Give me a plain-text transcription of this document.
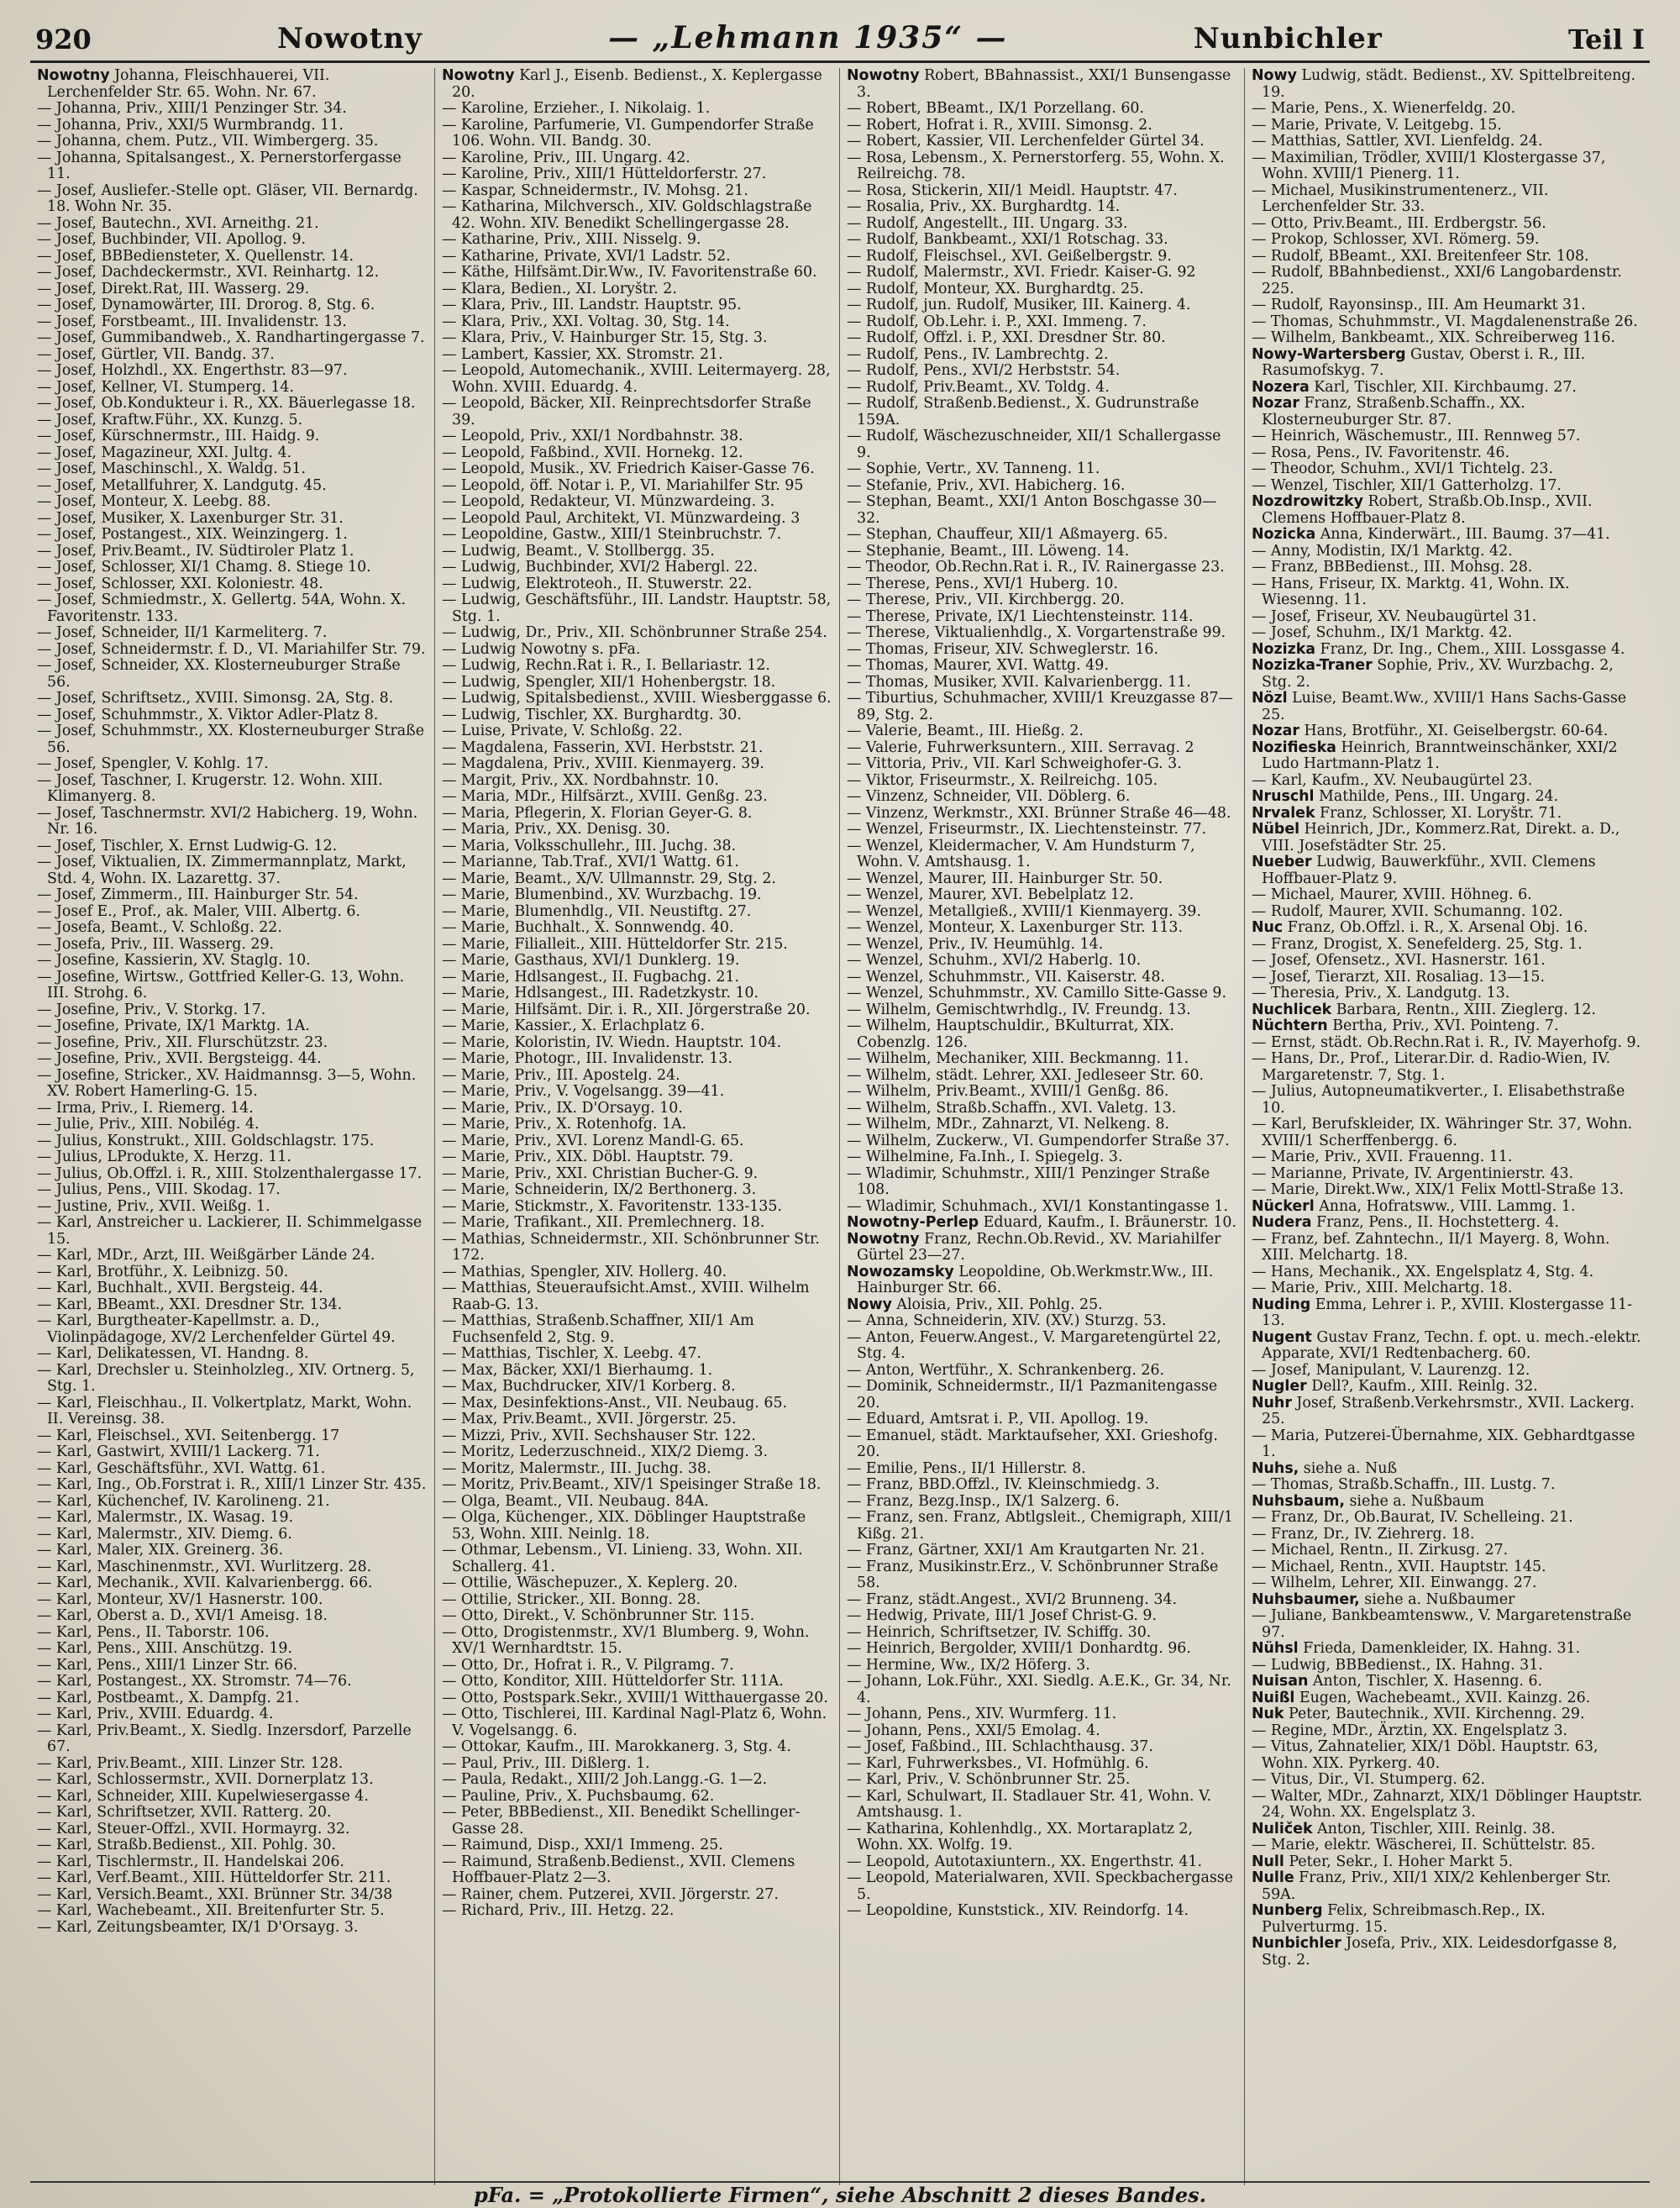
920	Nowotny	— „Lehmann 1935“ —	Nunbichler	Teil I

Nowotny Johanna, Fleischhauerei, VII. Lerchenfelder Str. 65. Wohn. Nr. 67.

— Johanna, Priv., XIII/1 Penzinger Str. 34.

— Johanna, Priv., XXI/5 Wurmbrandg. 11.

— Johanna, chem. Putz., VII. Wimbergerg. 35.

— Johanna, Spitalsangest., X. Pernerstorfergasse 11.

— Josef, Ausliefer.-Stelle opt. Gläser, VII. Bernardg. 18. Wohn Nr. 35.

— Josef, Bautechn., XVI. Arneithg. 21.

— Josef, Buchbinder, VII. Apollog. 9.

— Josef, BBBediensteter, X. Quellenstr. 14.

— Josef, Dachdeckermstr., XVI. Reinhartg. 12.

— Josef, Direkt.Rat, III. Wasserg. 29.

— Josef, Dynamowärter, III. Drorog. 8, Stg. 6.

— Josef, Forstbeamt., III. Invalidenstr. 13.

— Josef, Gummibandweb., X. Randhartingergasse 7.

— Josef, Gürtler, VII. Bandg. 37.

— Josef, Holzhdl., XX. Engerthstr. 83—97.

— Josef, Kellner, VI. Stumperg. 14.

— Josef, Ob.Kondukteur i. R., XX. Bäuerlegasse 18.

— Josef, Kraftw.Führ., XX. Kunzg. 5.

— Josef, Kürschnermstr., III. Haidg. 9.

— Josef, Magazineur, XXI. Jultg. 4.

— Josef, Maschinschl., X. Waldg. 51.

— Josef, Metallfuhrer, X. Landgutg. 45.

— Josef, Monteur, X. Leebg. 88.

— Josef, Musiker, X. Laxenburger Str. 31.

— Josef, Postangest., XIX. Weinzingerg. 1.

— Josef, Priv.Beamt., IV. Südtiroler Platz 1.

— Josef, Schlosser, XI/1 Chamg. 8. Stiege 10.

— Josef, Schlosser, XXI. Koloniestr. 48.

— Josef, Schmiedmstr., X. Gellertg. 54A, Wohn. X. Favoritenstr. 133.

— Josef, Schneider, II/1 Karmeliterg. 7.

— Josef, Schneidermstr. f. D., VI. Mariahilfer Str. 79.

— Josef, Schneider, XX. Klosterneuburger Straße 56.

— Josef, Schriftsetz., XVIII. Simonsg. 2A, Stg. 8.

— Josef, Schuhmmstr., X. Viktor Adler-Platz 8.

— Josef, Schuhmmstr., XX. Klosterneuburger Straße 56.

— Josef, Spengler, V. Kohlg. 17.

— Josef, Taschner, I. Krugerstr. 12. Wohn. XIII. Klimanyerg. 8.

— Josef, Taschnermstr. XVI/2 Habicherg. 19, Wohn. Nr. 16.

— Josef, Tischler, X. Ernst Ludwig-G. 12.

— Josef, Viktualien, IX. Zimmermannplatz, Markt, Std. 4, Wohn. IX. Lazarettg. 37.

— Josef, Zimmerm., III. Hainburger Str. 54.

— Josef E., Prof., ak. Maler, VIII. Albertg. 6.

— Josefa, Beamt., V. Schloßg. 22.

— Josefa, Priv., III. Wasserg. 29.

— Josefine, Kassierin, XV. Staglg. 10.

— Josefine, Wirtsw., Gottfried Keller-G. 13, Wohn. III. Strohg. 6.

— Josefine, Priv., V. Storkg. 17.

— Josefine, Private, IX/1 Marktg. 1A.

— Josefine, Priv., XII. Flurschützstr. 23.

— Josefine, Priv., XVII. Bergsteigg. 44.

— Josefine, Stricker., XV. Haidmannsg. 3—5, Wohn. XV. Robert Hamerling-G. 15.

— Irma, Priv., I. Riemerg. 14.

— Julie, Priv., XIII. Nobilég. 4.

— Julius, Konstrukt., XIII. Goldschlagstr. 175.

— Julius, LProdukte, X. Herzg. 11.

— Julius, Ob.Offzl. i. R., XIII. Stolzenthalergasse 17.

— Julius, Pens., VIII. Skodag. 17.

— Justine, Priv., XVII. Weißg. 1.

— Karl, Anstreicher u. Lackierer, II. Schimmelgasse 15.

— Karl, MDr., Arzt, III. Weißgärber Lände 24.

— Karl, Brotführ., X. Leibnizg. 50.

— Karl, Buchhalt., XVII. Bergsteig. 44.

— Karl, BBeamt., XXI. Dresdner Str. 134.

— Karl, Burgtheater-Kapellmstr. a. D., Violinpädagoge, XV/2 Lerchenfelder Gürtel 49.

— Karl, Delikatessen, VI. Handng. 8.

— Karl, Drechsler u. Steinholzleg., XIV. Ortnerg. 5, Stg. 1.

— Karl, Fleischhau., II. Volkertplatz, Markt, Wohn. II. Vereinsg. 38.

— Karl, Fleischsel., XVI. Seitenbergg. 17

— Karl, Gastwirt, XVIII/1 Lackerg. 71.

— Karl, Geschäftsführ., XVI. Wattg. 61.

— Karl, Ing., Ob.Forstrat i. R., XIII/1 Linzer Str. 435.

— Karl, Küchenchef, IV. Karolineng. 21.

— Karl, Malermstr., IX. Wasag. 19.

— Karl, Malermstr., XIV. Diemg. 6.

— Karl, Maler, XIX. Greinerg. 36.

— Karl, Maschinenmstr., XVI. Wurlitzerg. 28.

— Karl, Mechanik., XVII. Kalvarienbergg. 66.

— Karl, Monteur, XV/1 Hasnerstr. 100.

— Karl, Oberst a. D., XVI/1 Ameisg. 18.

— Karl, Pens., II. Taborstr. 106.

— Karl, Pens., XIII. Anschützg. 19.

— Karl, Pens., XIII/1 Linzer Str. 66.

— Karl, Postangest., XX. Stromstr. 74—76.

— Karl, Postbeamt., X. Dampfg. 21.

— Karl, Priv., XVIII. Eduardg. 4.

— Karl, Priv.Beamt., X. Siedlg. Inzersdorf, Parzelle 67.

— Karl, Priv.Beamt., XIII. Linzer Str. 128.

— Karl, Schlossermstr., XVII. Dornerplatz 13.

— Karl, Schneider, XIII. Kupelwiesergasse 4.

— Karl, Schriftsetzer, XVII. Ratterg. 20.

— Karl, Steuer-Offzl., XVII. Hormayrg. 32.

— Karl, Straßb.Bedienst., XII. Pohlg. 30.

— Karl, Tischlermstr., II. Handelskai 206.

— Karl, Verf.Beamt., XIII. Hütteldorfer Str. 211.

— Karl, Versich.Beamt., XXI. Brünner Str. 34/38

— Karl, Wachebeamt., XII. Breitenfurter Str. 5.

— Karl, Zeitungsbeamter, IX/1 D'Orsayg. 3.

Nowotny Karl J., Eisenb. Bedienst., X. Keplergasse 20.

— Karoline, Erzieher., I. Nikolaig. 1.

— Karoline, Parfumerie, VI. Gumpendorfer Straße 106. Wohn. VII. Bandg. 30.

— Karoline, Priv., III. Ungarg. 42.

— Karoline, Priv., XIII/1 Hütteldorferstr. 27.

— Kaspar, Schneidermstr., IV. Mohsg. 21.

— Katharina, Milchversch., XIV. Goldschlagstraße 42. Wohn. XIV. Benedikt Schellingergasse 28.

— Katharine, Priv., XIII. Nisselg. 9.

— Katharine, Private, XVI/1 Ladstr. 52.

— Käthe, Hilfsämt.Dir.Ww., IV. Favoritenstraße 60.

— Klara, Bedien., XI. Loryštr. 2.

— Klara, Priv., III. Landstr. Hauptstr. 95.

— Klara, Priv., XXI. Voltag. 30, Stg. 14.

— Klara, Priv., V. Hainburger Str. 15, Stg. 3.

— Lambert, Kassier, XX. Stromstr. 21.

— Leopold, Automechanik., XVIII. Leitermayerg. 28, Wohn. XVIII. Eduardg. 4.

— Leopold, Bäcker, XII. Reinprechtsdorfer Straße 39.

— Leopold, Priv., XXI/1 Nordbahnstr. 38.

— Leopold, Faßbind., XVII. Hornekg. 12.

— Leopold, Musik., XV. Friedrich Kaiser-Gasse 76.

— Leopold, öff. Notar i. P., VI. Mariahilfer Str. 95

— Leopold, Redakteur, VI. Münzwardeing. 3.

— Leopold Paul, Architekt, VI. Münzwardeing. 3

— Leopoldine, Gastw., XIII/1 Steinbruchstr. 7.

— Ludwig, Beamt., V. Stollbergg. 35.

— Ludwig, Buchbinder, XVI/2 Habergl. 22.

— Ludwig, Elektroteoh., II. Stuwerstr. 22.

— Ludwig, Geschäftsführ., III. Landstr. Hauptstr. 58, Stg. 1.

— Ludwig, Dr., Priv., XII. Schönbrunner Straße 254.

— Ludwig Nowotny s. pFa.

— Ludwig, Rechn.Rat i. R., I. Bellariastr. 12.

— Ludwig, Spengler, XII/1 Hohenbergstr. 18.

— Ludwig, Spitalsbedienst., XVIII. Wiesberggasse 6.

— Ludwig, Tischler, XX. Burghardtg. 30.

— Luise, Private, V. Schloßg. 22.

— Magdalena, Fasserin, XVI. Herbststr. 21.

— Magdalena, Priv., XVIII. Kienmayerg. 39.

— Margit, Priv., XX. Nordbahnstr. 10.

— Maria, MDr., Hilfsärzt., XVIII. Genßg. 23.

— Maria, Pflegerin, X. Florian Geyer-G. 8.

— Maria, Priv., XX. Denisg. 30.

— Maria, Volksschullehr., III. Juchg. 38.

— Marianne, Tab.Traf., XVI/1 Wattg. 61.

— Marie, Beamt., X/V. Ullmannstr. 29, Stg. 2.

— Marie, Blumenbind., XV. Wurzbachg. 19.

— Marie, Blumenhdlg., VII. Neustiftg. 27.

— Marie, Buchhalt., X. Sonnwendg. 40.

— Marie, Filialleit., XIII. Hütteldorfer Str. 215.

— Marie, Gasthaus, XVI/1 Dunklerg. 19.

— Marie, Hdlsangest., II. Fugbachg. 21.

— Marie, Hdlsangest., III. Radetzkystr. 10.

— Marie, Hilfsämt. Dir. i. R., XII. Jörgerstraße 20.

— Marie, Kassier., X. Erlachplatz 6.

— Marie, Koloristin, IV. Wiedn. Hauptstr. 104.

— Marie, Photogr., III. Invalidenstr. 13.

— Marie, Priv., III. Apostelg. 24.

— Marie, Priv., V. Vogelsangg. 39—41.

— Marie, Priv., IX. D'Orsayg. 10.

— Marie, Priv., X. Rotenhofg. 1A.

— Marie, Priv., XVI. Lorenz Mandl-G. 65.

— Marie, Priv., XIX. Döbl. Hauptstr. 79.

— Marie, Priv., XXI. Christian Bucher-G. 9.

— Marie, Schneiderin, IX/2 Berthonerg. 3.

— Marie, Stickmstr., X. Favoritenstr. 133-135.

— Marie, Trafikant., XII. Premlechnerg. 18.

— Mathias, Schneidermstr., XII. Schönbrunner Str. 172.

— Mathias, Spengler, XIV. Hollerg. 40.

— Matthias, Steueraufsicht.Amst., XVIII. Wilhelm Raab-G. 13.

— Matthias, Straßenb.Schaffner, XII/1 Am Fuchsenfeld 2, Stg. 9.

— Matthias, Tischler, X. Leebg. 47.

— Max, Bäcker, XXI/1 Bierhaumg. 1.

— Max, Buchdrucker, XIV/1 Korberg. 8.

— Max, Desinfektions-Anst., VII. Neubaug. 65.

— Max, Priv.Beamt., XVII. Jörgerstr. 25.

— Mizzi, Priv., XVII. Sechshauser Str. 122.

— Moritz, Lederzuschneid., XIX/2 Diemg. 3.

— Moritz, Malermstr., III. Juchg. 38.

— Moritz, Priv.Beamt., XIV/1 Speisinger Straße 18.

— Olga, Beamt., VII. Neubaug. 84A.

— Olga, Küchenger., XIX. Döblinger Hauptstraße 53, Wohn. XIII. Neinlg. 18.

— Othmar, Lebensm., VI. Linieng. 33, Wohn. XII. Schallerg. 41.

— Ottilie, Wäschepuzer., X. Keplerg. 20.

— Ottilie, Stricker., XII. Bonng. 28.

— Otto, Direkt., V. Schönbrunner Str. 115.

— Otto, Drogistenmstr., XV/1 Blumberg. 9, Wohn. XV/1 Wernhardtstr. 15.

— Otto, Dr., Hofrat i. R., V. Pilgramg. 7.

— Otto, Konditor, XIII. Hütteldorfer Str. 111A.

— Otto, Postspark.Sekr., XVIII/1 Witthauergasse 20.

— Otto, Tischlerei, III. Kardinal Nagl-Platz 6, Wohn. V. Vogelsangg. 6.

— Ottokar, Kaufm., III. Marokkanerg. 3, Stg. 4.

— Paul, Priv., III. Dißlerg. 1.

— Paula, Redakt., XIII/2 Joh.Langg.-G. 1—2.

— Pauline, Priv., X. Puchsbaumg. 62.

— Peter, BBBedienst., XII. Benedikt Schellinger-Gasse 28.

— Raimund, Disp., XXI/1 Immeng. 25.

— Raimund, Straßenb.Bedienst., XVII. Clemens Hoffbauer-Platz 2—3.

— Rainer, chem. Putzerei, XVII. Jörgerstr. 27.

— Richard, Priv., III. Hetzg. 22.

Nowotny Robert, BBahnassist., XXI/1 Bunsengasse 3.

— Robert, BBeamt., IX/1 Porzellang. 60.

— Robert, Hofrat i. R., XVIII. Simonsg. 2.

— Robert, Kassier, VII. Lerchenfelder Gürtel 34.

— Rosa, Lebensm., X. Pernerstorferg. 55, Wohn. X. Reilreichg. 78.

— Rosa, Stickerin, XII/1 Meidl. Hauptstr. 47.

— Rosalia, Priv., XX. Burghardtg. 14.

— Rudolf, Angestellt., III. Ungarg. 33.

— Rudolf, Bankbeamt., XXI/1 Rotschag. 33.

— Rudolf, Fleischsel., XVI. Geißelbergstr. 9.

— Rudolf, Malermstr., XVI. Friedr. Kaiser-G. 92

— Rudolf, Monteur, XX. Burghardtg. 25.

— Rudolf, jun. Rudolf, Musiker, III. Kainerg. 4.

— Rudolf, Ob.Lehr. i. P., XXI. Immeng. 7.

— Rudolf, Offzl. i. P., XXI. Dresdner Str. 80.

— Rudolf, Pens., IV. Lambrechtg. 2.

— Rudolf, Pens., XVI/2 Herbststr. 54.

— Rudolf, Priv.Beamt., XV. Toldg. 4.

— Rudolf, Straßenb.Bedienst., X. Gudrunstraße 159A.

— Rudolf, Wäschezuschneider, XII/1 Schallergasse 9.

— Sophie, Vertr., XV. Tanneng. 11.

— Stefanie, Priv., XVI. Habicherg. 16.

— Stephan, Beamt., XXI/1 Anton Boschgasse 30—32.

— Stephan, Chauffeur, XII/1 Aßmayerg. 65.

— Stephanie, Beamt., III. Löweng. 14.

— Theodor, Ob.Rechn.Rat i. R., IV. Rainergasse 23.

— Therese, Pens., XVI/1 Huberg. 10.

— Therese, Priv., VII. Kirchbergg. 20.

— Therese, Private, IX/1 Liechtensteinstr. 114.

— Therese, Viktualienhdlg., X. Vorgartenstraße 99.

— Thomas, Friseur, XIV. Schweglerstr. 16.

— Thomas, Maurer, XVI. Wattg. 49.

— Thomas, Musiker, XVII. Kalvarienbergg. 11.

— Tiburtius, Schuhmacher, XVIII/1 Kreuzgasse 87—89, Stg. 2.

— Valerie, Beamt., III. Hießg. 2.

— Valerie, Fuhrwerksuntern., XIII. Serravag. 2

— Vittoria, Priv., VII. Karl Schweighofer-G. 3.

— Viktor, Friseurmstr., X. Reilreichg. 105.

— Vinzenz, Schneider, VII. Döblerg. 6.

— Vinzenz, Werkmstr., XXI. Brünner Straße 46—48.

— Wenzel, Friseurmstr., IX. Liechtensteinstr. 77.

— Wenzel, Kleidermacher, V. Am Hundsturm 7, Wohn. V. Amtshausg. 1.

— Wenzel, Maurer, III. Hainburger Str. 50.

— Wenzel, Maurer, XVI. Bebelplatz 12.

— Wenzel, Metallgieß., XVIII/1 Kienmayerg. 39.

— Wenzel, Monteur, X. Laxenburger Str. 113.

— Wenzel, Priv., IV. Heumühlg. 14.

— Wenzel, Schuhm., XVI/2 Haberlg. 10.

— Wenzel, Schuhmmstr., VII. Kaiserstr. 48.

— Wenzel, Schuhmmstr., XV. Camillo Sitte-Gasse 9.

— Wilhelm, Gemischtwrhdlg., IV. Freundg. 13.

— Wilhelm, Hauptschuldir., BKulturrat, XIX. Cobenzlg. 126.

— Wilhelm, Mechaniker, XIII. Beckmanng. 11.

— Wilhelm, städt. Lehrer, XXI. Jedleseer Str. 60.

— Wilhelm, Priv.Beamt., XVIII/1 Genßg. 86.

— Wilhelm, Straßb.Schaffn., XVI. Valetg. 13.

— Wilhelm, MDr., Zahnarzt, VI. Nelkeng. 8.

— Wilhelm, Zuckerw., VI. Gumpendorfer Straße 37.

— Wilhelmine, Fa.Inh., I. Spiegelg. 3.

— Wladimir, Schuhmstr., XIII/1 Penzinger Straße 108.

— Wladimir, Schuhmach., XVI/1 Konstantingasse 1.

Nowotny-Perlep Eduard, Kaufm., I. Bräunerstr. 10.

Nowotny Franz, Rechn.Ob.Revid., XV. Mariahilfer Gürtel 23—27.

Nowozamsky Leopoldine, Ob.Werkmstr.Ww., III. Hainburger Str. 66.

Nowy Aloisia, Priv., XII. Pohlg. 25.

— Anna, Schneiderin, XIV. (XV.) Sturzg. 53.

— Anton, Feuerw.Angest., V. Margaretengürtel 22, Stg. 4.

— Anton, Wertführ., X. Schrankenberg. 26.

— Dominik, Schneidermstr., II/1 Pazmanitengasse 20.

— Eduard, Amtsrat i. P., VII. Apollog. 19.

— Emanuel, städt. Marktaufseher, XXI. Grieshofg. 20.

— Emilie, Pens., II/1 Hillerstr. 8.

— Franz, BBD.Offzl., IV. Kleinschmiedg. 3.

— Franz, Bezg.Insp., IX/1 Salzerg. 6.

— Franz, sen. Franz, Abtlgsleit., Chemigraph, XIII/1 Kißg. 21.

— Franz, Gärtner, XXI/1 Am Krautgarten Nr. 21.

— Franz, Musikinstr.Erz., V. Schönbrunner Straße 58.

— Franz, städt.Angest., XVI/2 Brunneng. 34.

— Hedwig, Private, III/1 Josef Christ-G. 9.

— Heinrich, Schriftsetzer, IV. Schiffg. 30.

— Heinrich, Bergolder, XVIII/1 Donhardtg. 96.

— Hermine, Ww., IX/2 Höferg. 3.

— Johann, Lok.Führ., XXI. Siedlg. A.E.K., Gr. 34, Nr. 4.

— Johann, Pens., XIV. Wurmferg. 11.

— Johann, Pens., XXI/5 Emolag. 4.

— Josef, Faßbind., III. Schlachthausg. 37.

— Karl, Fuhrwerksbes., VI. Hofmühlg. 6.

— Karl, Priv., V. Schönbrunner Str. 25.

— Karl, Schulwart, II. Stadlauer Str. 41, Wohn. V. Amtshausg. 1.

— Katharina, Kohlenhdlg., XX. Mortaraplatz 2, Wohn. XX. Wolfg. 19.

— Leopold, Autotaxiuntern., XX. Engerthstr. 41.

— Leopold, Materialwaren, XVII. Speckbachergasse 5.

— Leopoldine, Kunststick., XIV. Reindorfg. 14.

Nowy Ludwig, städt. Bedienst., XV. Spittelbreiteng. 19.

— Marie, Pens., X. Wienerfeldg. 20.

— Marie, Private, V. Leitgebg. 15.

— Matthias, Sattler, XVI. Lienfeldg. 24.

— Maximilian, Trödler, XVIII/1 Klostergasse 37, Wohn. XVIII/1 Pienerg. 11.

— Michael, Musikinstrumentenerz., VII. Lerchenfelder Str. 33.

— Otto, Priv.Beamt., III. Erdbergstr. 56.

— Prokop, Schlosser, XVI. Römerg. 59.

— Rudolf, BBeamt., XXI. Breitenfeer Str. 108.

— Rudolf, BBahnbedienst., XXI/6 Langobardenstr. 225.

— Rudolf, Rayonsinsp., III. Am Heumarkt 31.

— Thomas, Schuhmmstr., VI. Magdalenenstraße 26.

— Wilhelm, Bankbeamt., XIX. Schreiberweg 116.

Nowy-Wartersberg Gustav, Oberst i. R., III. Rasumofskyg. 7.

Nozera Karl, Tischler, XII. Kirchbaumg. 27.

Nozar Franz, Straßenb.Schaffn., XX. Klosterneuburger Str. 87.

— Heinrich, Wäschemustr., III. Rennweg 57.

— Rosa, Pens., IV. Favoritenstr. 46.

— Theodor, Schuhm., XVI/1 Tichtelg. 23.

— Wenzel, Tischler, XII/1 Gatterholzg. 17.

Nozdrowitzky Robert, Straßb.Ob.Insp., XVII. Clemens Hoffbauer-Platz 8.

Nozicka Anna, Kinderwärt., III. Baumg. 37—41.

— Anny, Modistin, IX/1 Marktg. 42.

— Franz, BBBedienst., III. Mohsg. 28.

— Hans, Friseur, IX. Marktg. 41, Wohn. IX. Wiesenng. 11.

— Josef, Friseur, XV. Neubaugürtel 31.

— Josef, Schuhm., IX/1 Marktg. 42.

Nozizka Franz, Dr. Ing., Chem., XIII. Lossgasse 4.

Nozizka-Traner Sophie, Priv., XV. Wurzbachg. 2, Stg. 2.

Nözl Luise, Beamt.Ww., XVIII/1 Hans Sachs-Gasse 25.

Nozar Hans, Brotführ., XI. Geiselbergstr. 60-64.

Nozifieska Heinrich, Branntweinschänker, XXI/2 Ludo Hartmann-Platz 1.

— Karl, Kaufm., XV. Neubaugürtel 23.

Nruschl Mathilde, Pens., III. Ungarg. 24.

Nrvalek Franz, Schlosser, XI. Loryštr. 71.

Nübel Heinrich, JDr., Kommerz.Rat, Direkt. a. D., VIII. Josefstädter Str. 25.

Nueber Ludwig, Bauwerkführ., XVII. Clemens Hoffbauer-Platz 9.

— Michael, Maurer, XVIII. Höhneg. 6.

— Rudolf, Maurer, XVII. Schumanng. 102.

Nuc Franz, Ob.Offzl. i. R., X. Arsenal Obj. 16.

— Franz, Drogist, X. Senefelderg. 25, Stg. 1.

— Josef, Ofensetz., XVI. Hasnerstr. 161.

— Josef, Tierarzt, XII. Rosaliag. 13—15.

— Theresia, Priv., X. Landgutg. 13.

Nuchlicek Barbara, Rentn., XIII. Zieglerg. 12.

Nüchtern Bertha, Priv., XVI. Pointeng. 7.

— Ernst, städt. Ob.Rechn.Rat i. R., IV. Mayerhofg. 9.

— Hans, Dr., Prof., Literar.Dir. d. Radio-Wien, IV. Margaretenstr. 7, Stg. 1.

— Julius, Autopneumatikverter., I. Elisabethstraße 10.

— Karl, Berufskleider, IX. Währinger Str. 37, Wohn. XVIII/1 Scherffenbergg. 6.

— Marie, Priv., XVII. Frauenng. 11.

— Marianne, Private, IV. Argentinierstr. 43.

— Marie, Direkt.Ww., XIX/1 Felix Mottl-Straße 13.

Nückerl Anna, Hofratsww., VIII. Lammg. 1.

Nudera Franz, Pens., II. Hochstetterg. 4.

— Franz, bef. Zahntechn., II/1 Mayerg. 8, Wohn. XIII. Melchartg. 18.

— Hans, Mechanik., XX. Engelsplatz 4, Stg. 4.

— Marie, Priv., XIII. Melchartg. 18.

Nuding Emma, Lehrer i. P., XVIII. Klostergasse 11-13.

Nugent Gustav Franz, Techn. f. opt. u. mech.-elektr. Apparate, XVI/1 Redtenbacherg. 60.

— Josef, Manipulant, V. Laurenzg. 12.

Nugler Dell?, Kaufm., XIII. Reinlg. 32.

Nuhr Josef, Straßenb.Verkehrsmstr., XVII. Lackerg. 25.

— Maria, Putzerei-Übernahme, XIX. Gebhardtgasse 1.

Nuhs, siehe a. Nuß

— Thomas, Straßb.Schaffn., III. Lustg. 7.

Nuhsbaum, siehe a. Nußbaum

— Franz, Dr., Ob.Baurat, IV. Schelleing. 21.

— Franz, Dr., IV. Ziehrerg. 18.

— Michael, Rentn., II. Zirkusg. 27.

— Michael, Rentn., XVII. Hauptstr. 145.

— Wilhelm, Lehrer, XII. Einwangg. 27.

Nuhsbaumer, siehe a. Nußbaumer

— Juliane, Bankbeamtensww., V. Margaretenstraße 97.

Nühsl Frieda, Damenkleider, IX. Hahng. 31.

— Ludwig, BBBedienst., IX. Hahng. 31.

Nuisan Anton, Tischler, X. Hasenng. 6.

Nuißl Eugen, Wachebeamt., XVII. Kainzg. 26.

Nuk Peter, Bautechnik., XVII. Kirchenng. 29.

— Regine, MDr., Ärztin, XX. Engelsplatz 3.

— Vitus, Zahnatelier, XIX/1 Döbl. Hauptstr. 63, Wohn. XIX. Pyrkerg. 40.

— Vitus, Dir., VI. Stumperg. 62.

— Walter, MDr., Zahnarzt, XIX/1 Döblinger Hauptstr. 24, Wohn. XX. Engelsplatz 3.

Nuliček Anton, Tischler, XIII. Reinlg. 38.

— Marie, elektr. Wäscherei, II. Schüttelstr. 85.

Null Peter, Sekr., I. Hoher Markt 5.

Nulle Franz, Priv., XII/1 XIX/2 Kehlenberger Str. 59A.

Nunberg Felix, Schreibmasch.Rep., IX. Pulverturmg. 15.

Nunbichler Josefa, Priv., XIX. Leidesdorfgasse 8, Stg. 2.

pFa. = „Protokollierte Firmen“, siehe Abschnitt 2 dieses Bandes.
